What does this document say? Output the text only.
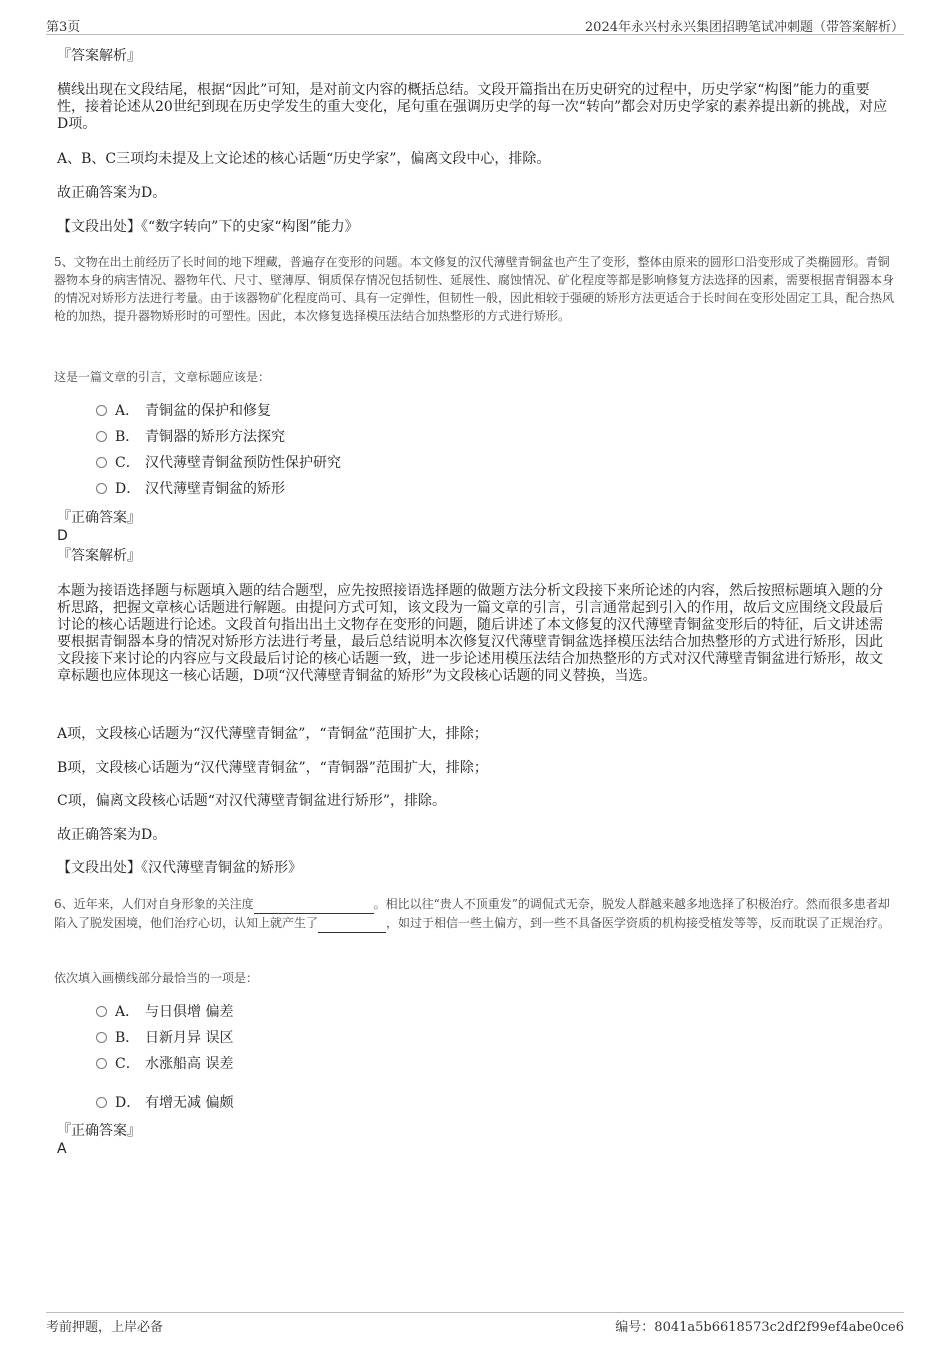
第3页	2024年永兴村永兴集团招聘笔试冲刺题（带答案解析）
『答案解析』
横线出现在文段结尾，根据“因此”可知，是对前文内容的概括总结。文段开篇指出在历史研究的过程中，历史学家“构图”能力的重要性，接着论述从20世纪到现在历史学发生的重大变化，尾句重在强调历史学的每一次“转向”都会对历史学家的素养提出新的挑战，对应D项。
A、B、C三项均未提及上文论述的核心话题“历史学家”，偏离文段中心，排除。
故正确答案为D。
【文段出处】《“数字转向”下的史家“构图”能力》
5、文物在出土前经历了长时间的地下埋藏，普遍存在变形的问题。本文修复的汉代薄壁青铜盆也产生了变形，整体由原来的圆形口沿变形成了类椭圆形。青铜器物本身的病害情况、器物年代、尺寸、壁薄厚、铜质保存情况包括韧性、延展性、腐蚀情况、矿化程度等都是影响修复方法选择的因素，需要根据青铜器本身的情况对矫形方法进行考量。由于该器物矿化程度尚可、具有一定弹性，但韧性一般，因此相较于强硬的矫形方法更适合于长时间在变形处固定工具，配合热风枪的加热，提升器物矫形时的可塑性。因此，本次修复选择模压法结合加热整形的方式进行矫形。
这是一篇文章的引言，文章标题应该是：
A． 青铜盆的保护和修复
B． 青铜器的矫形方法探究
C． 汉代薄壁青铜盆预防性保护研究
D． 汉代薄壁青铜盆的矫形
『正确答案』
D
『答案解析』
本题为接语选择题与标题填入题的结合题型，应先按照接语选择题的做题方法分析文段接下来所论述的内容，然后按照标题填入题的分析思路，把握文章核心话题进行解题。由提问方式可知，该文段为一篇文章的引言，引言通常起到引入的作用，故后文应围绕文段最后讨论的核心话题进行论述。文段首句指出出土文物存在变形的问题，随后讲述了本文修复的汉代薄壁青铜盆变形后的特征，后文讲述需要根据青铜器本身的情况对矫形方法进行考量，最后总结说明本次修复汉代薄壁青铜盆选择模压法结合加热整形的方式进行矫形，因此文段接下来讨论的内容应与文段最后讨论的核心话题一致，进一步论述用模压法结合加热整形的方式对汉代薄壁青铜盆进行矫形，故文章标题也应体现这一核心话题，D项“汉代薄壁青铜盆的矫形”为文段核心话题的同义替换，当选。
A项，文段核心话题为“汉代薄壁青铜盆”，“青铜盆”范围扩大，排除；
B项，文段核心话题为“汉代薄壁青铜盆”，“青铜器”范围扩大，排除；
C项，偏离文段核心话题“对汉代薄壁青铜盆进行矫形”，排除。
故正确答案为D。
【文段出处】《汉代薄壁青铜盆的矫形》
6、近年来，人们对自身形象的关注度	。相比以往“贵人不顶重发”的调侃式无奈，脱发人群越来越多地选择了积极治疗。然而很多患者却陷入了脱发困境，他们治疗心切，认知上就产生了	，如过于相信一些土偏方，到一些不具备医学资质的机构接受植发等等，反而耽误了正规治疗。
依次填入画横线部分最恰当的一项是：
A． 与日俱增 偏差
B． 日新月异 误区
C． 水涨船高 误差
D． 有增无减 偏颇
『正确答案』
A
考前押题，上岸必备	编号：8041a5b6618573c2df2f99ef4abe0ce6
